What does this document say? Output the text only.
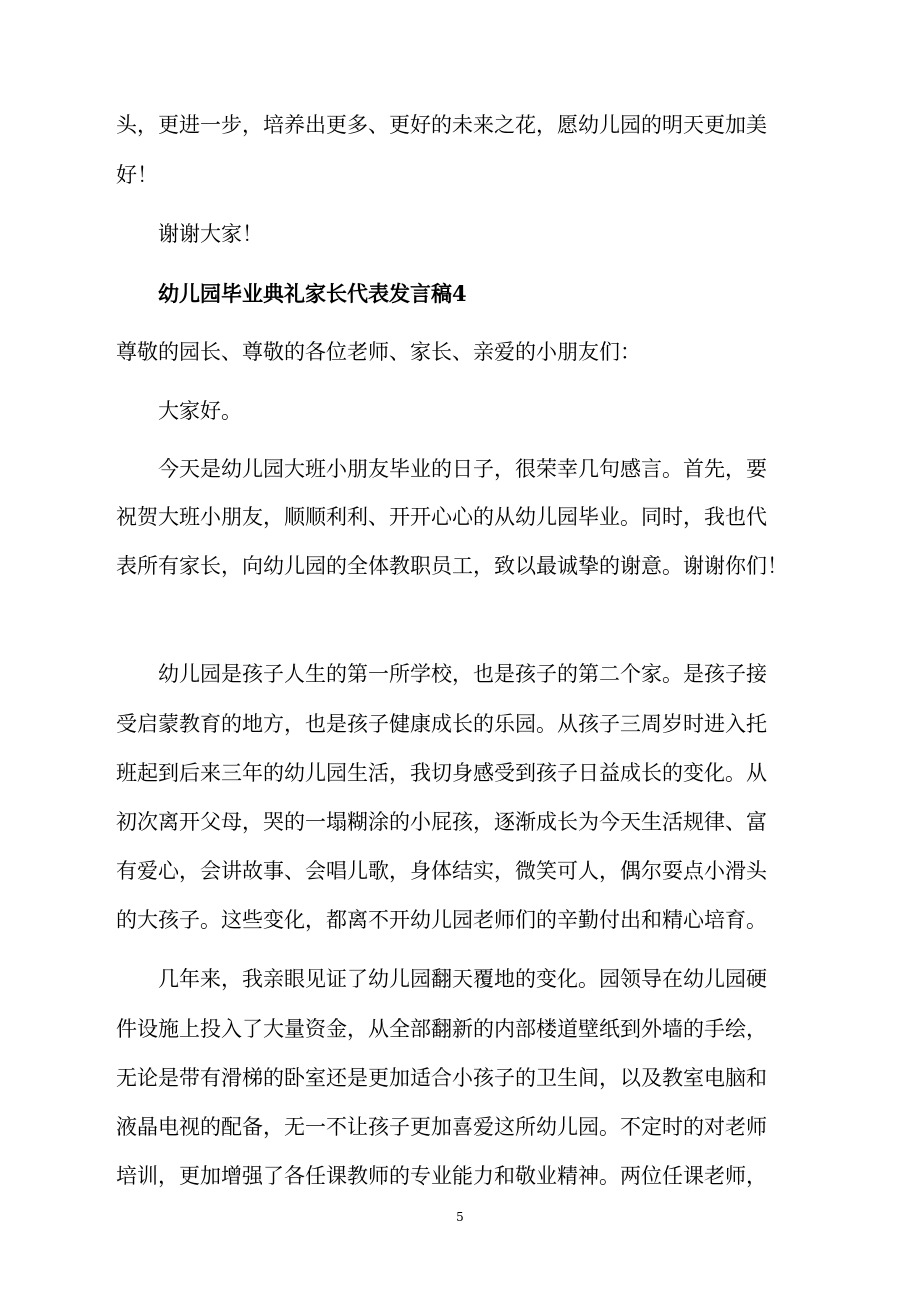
头，更进一步，培养出更多、更好的未来之花，愿幼儿园的明天更加美
好！
谢谢大家！
幼儿园毕业典礼家长代表发言稿4
尊敬的园长、尊敬的各位老师、家长、亲爱的小朋友们：
大家好。
今天是幼儿园大班小朋友毕业的日子，很荣幸几句感言。首先，要
祝贺大班小朋友，顺顺利利、开开心心的从幼儿园毕业。同时，我也代
表所有家长，向幼儿园的全体教职员工，致以最诚挚的谢意。谢谢你们！
幼儿园是孩子人生的第一所学校，也是孩子的第二个家。是孩子接
受启蒙教育的地方，也是孩子健康成长的乐园。从孩子三周岁时进入托
班起到后来三年的幼儿园生活，我切身感受到孩子日益成长的变化。从
初次离开父母，哭的一塌糊涂的小屁孩，逐渐成长为今天生活规律、富
有爱心，会讲故事、会唱儿歌，身体结实，微笑可人，偶尔耍点小滑头
的大孩子。这些变化，都离不开幼儿园老师们的辛勤付出和精心培育。
几年来，我亲眼见证了幼儿园翻天覆地的变化。园领导在幼儿园硬
件设施上投入了大量资金，从全部翻新的内部楼道壁纸到外墙的手绘，
无论是带有滑梯的卧室还是更加适合小孩子的卫生间，以及教室电脑和
液晶电视的配备，无一不让孩子更加喜爱这所幼儿园。不定时的对老师
培训，更加增强了各任课教师的专业能力和敬业精神。两位任课老师，
5
